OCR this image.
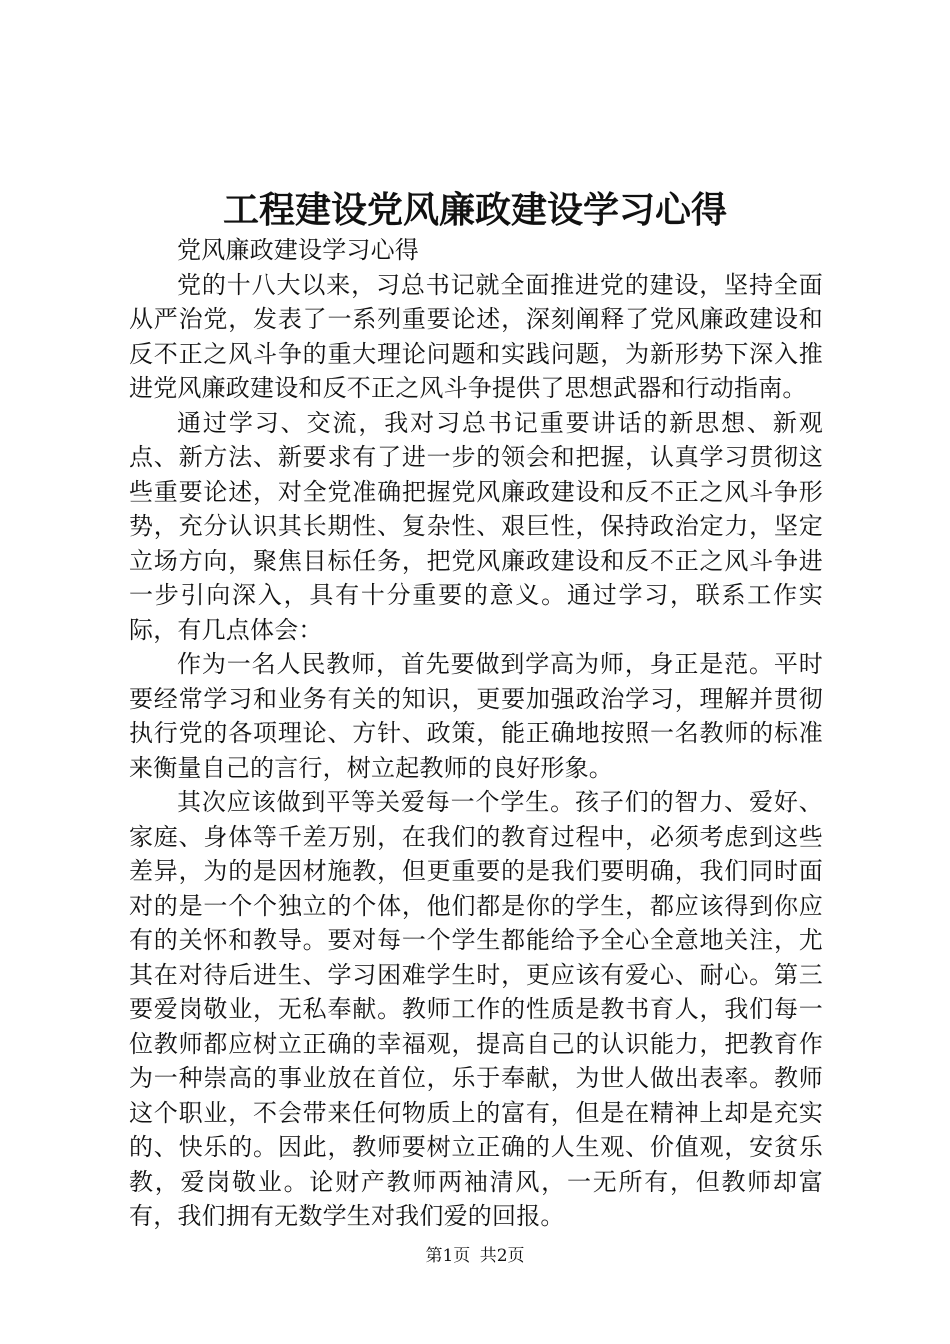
工程建设党风廉政建设学习心得

党风廉政建设学习心得

党的十八大以来，习总书记就全面推进党的建设，坚持全面从严治党，发表了一系列重要论述，深刻阐释了党风廉政建设和反不正之风斗争的重大理论问题和实践问题，为新形势下深入推进党风廉政建设和反不正之风斗争提供了思想武器和行动指南。

通过学习、交流，我对习总书记重要讲话的新思想、新观点、新方法、新要求有了进一步的领会和把握，认真学习贯彻这些重要论述，对全党准确把握党风廉政建设和反不正之风斗争形势，充分认识其长期性、复杂性、艰巨性，保持政治定力，坚定立场方向，聚焦目标任务，把党风廉政建设和反不正之风斗争进一步引向深入，具有十分重要的意义。通过学习，联系工作实际，有几点体会：

作为一名人民教师，首先要做到学高为师，身正是范。平时要经常学习和业务有关的知识，更要加强政治学习，理解并贯彻执行党的各项理论、方针、政策，能正确地按照一名教师的标准来衡量自己的言行，树立起教师的良好形象。

其次应该做到平等关爱每一个学生。孩子们的智力、爱好、家庭、身体等千差万别，在我们的教育过程中，必须考虑到这些差异，为的是因材施教，但更重要的是我们要明确，我们同时面对的是一个个独立的个体，他们都是你的学生，都应该得到你应有的关怀和教导。要对每一个学生都能给予全心全意地关注，尤其在对待后进生、学习困难学生时，更应该有爱心、耐心。第三要爱岗敬业，无私奉献。教师工作的性质是教书育人，我们每一位教师都应树立正确的幸福观，提高自己的认识能力，把教育作为一种崇高的事业放在首位，乐于奉献，为世人做出表率。教师这个职业，不会带来任何物质上的富有，但是在精神上却是充实的、快乐的。因此，教师要树立正确的人生观、价值观，安贫乐教，爱岗敬业。论财产教师两袖清风，一无所有，但教师却富有，我们拥有无数学生对我们爱的回报。

第1页 共2页
